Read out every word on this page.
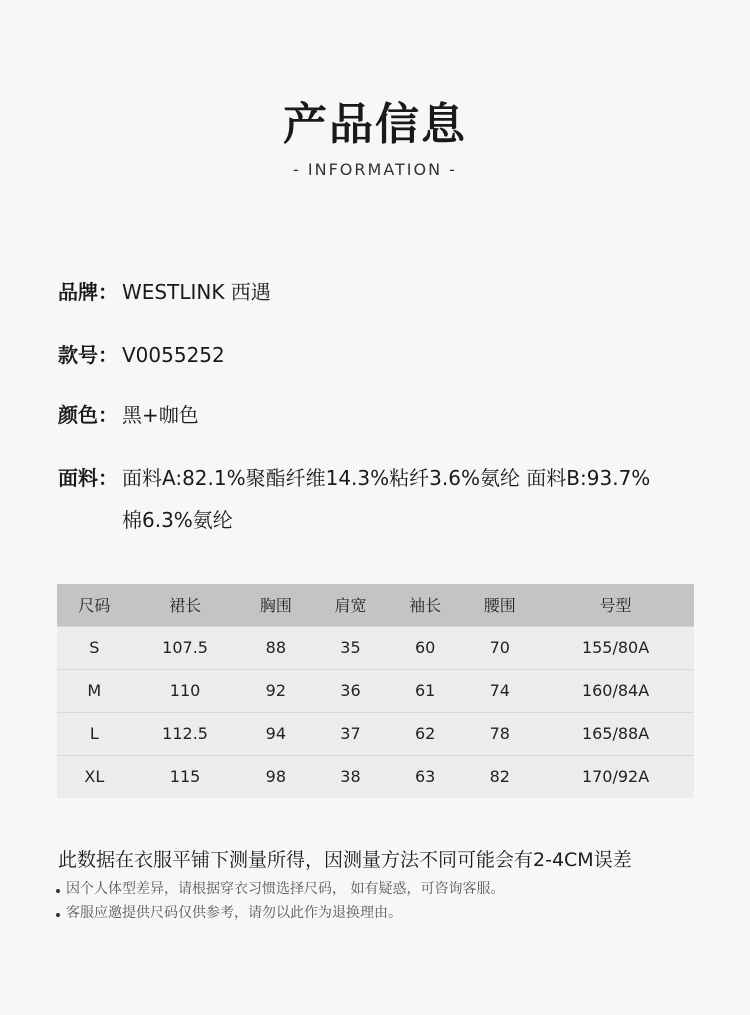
产品信息
- INFORMATION -
品牌： WESTLINK 西遇
款号： V0055252
颜色： 黑+咖色
面料： 面料A:82.1%聚酯纤维14.3%粘纤3.6%氨纶 面料B:93.7%
棉6.3%氨纶
尺码	裙长	胸围	肩宽	袖长	腰围	号型
S	107.5	88	35	60	70	155/80A
M	110	92	36	61	74	160/84A
L	112.5	94	37	62	78	165/88A
XL	115	98	38	63	82	170/92A
此数据在衣服平铺下测量所得，因测量方法不同可能会有2-4CM误差
因个人体型差异，请根据穿衣习惯选择尺码， 如有疑惑，可咨询客服。
客服应邀提供尺码仅供参考，请勿以此作为退换理由。
